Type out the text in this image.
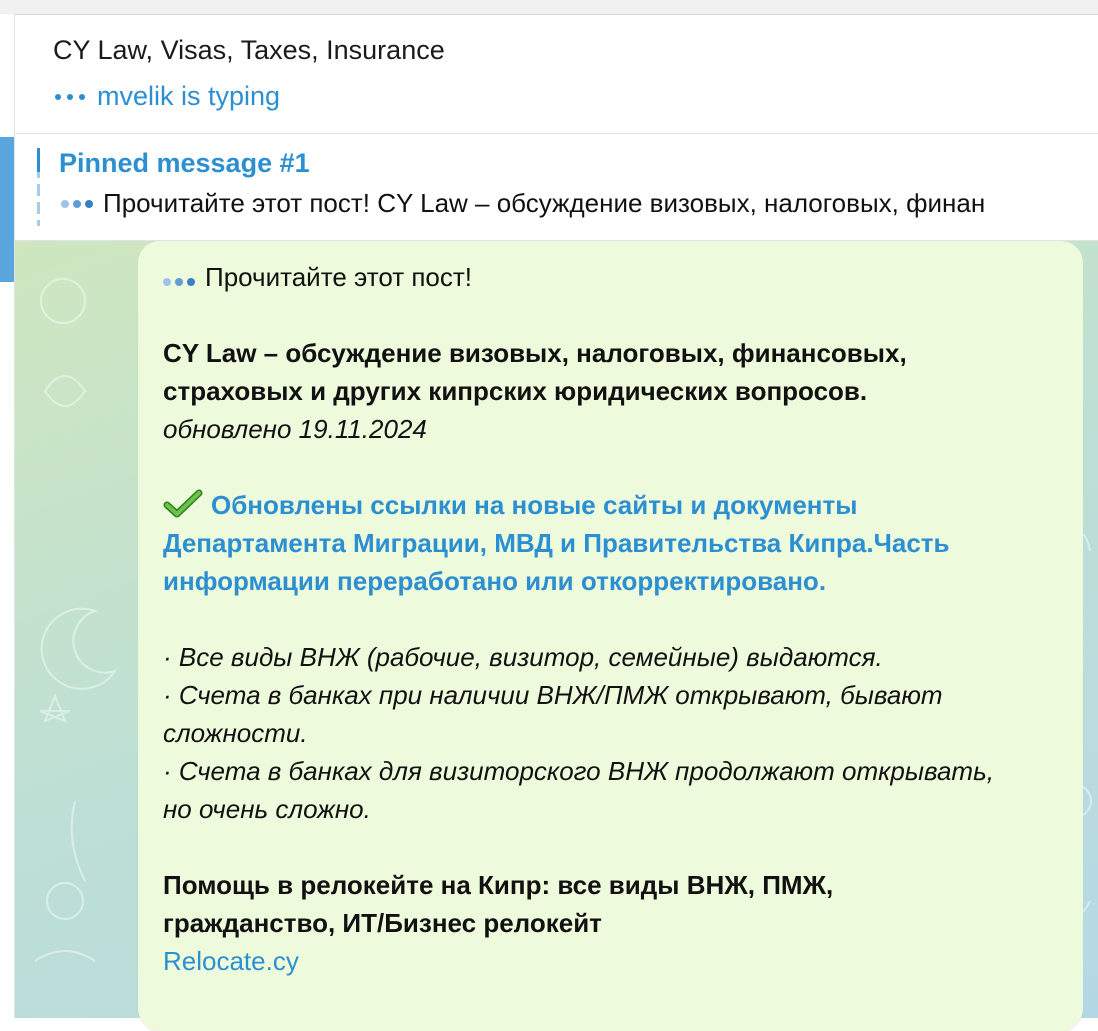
CY Law, Visas, Taxes, Insurance
mvelik is typing
Pinned message #1
Прочитайте этот пост! CY Law – обсуждение визовых, налоговых, финан

Прочитайте этот пост!

CY Law – обсуждение визовых, налоговых, финансовых,

страховых и других кипрских юридических вопросов.

обновлено 19.11.2024

Обновлены ссылки на новые сайты и документы

Департамента Миграции, МВД и Правительства Кипра.Часть

информации переработано или откорректировано.

· Все виды ВНЖ (рабочие, визитор, семейные) выдаются.

· Счета в банках при наличии ВНЖ/ПМЖ открывают, бывают

сложности.

· Счета в банках для визиторского ВНЖ продолжают открывать,

но очень сложно.

Помощь в релокейте на Кипр: все виды ВНЖ, ПМЖ,

гражданство, ИТ/Бизнес релокейт

Relocate.cy
